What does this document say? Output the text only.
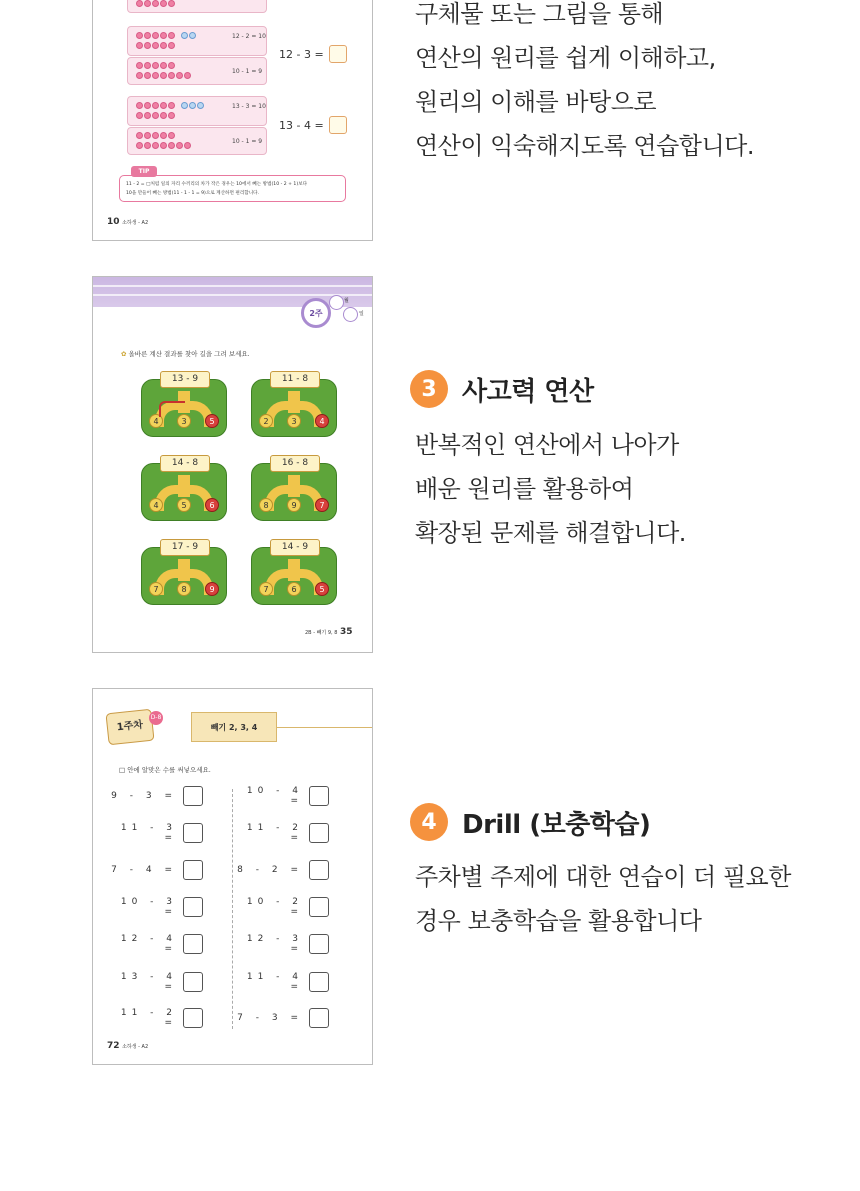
12 - 2 = 10
10 - 1 = 9
12 - 3 =
13 - 3 = 10
10 - 1 = 9
13 - 4 =
11 - 2 = □처럼 일의 자리 수끼리의 차가 작은 경우는 10에서 빼는 방법(10 - 2 + 1)보다
10을 만들어 빼는 방법(11 - 1 - 1 = 9)으로 계산하면 편리합니다.
TIP
10 소하생 - A2
구체물 또는 그림을 통해
연산의 원리를 쉽게 이해하고,
원리의 이해를 바탕으로
연산이 익숙해지도록 연습합니다.
2주
월
일
✿ 올바른 계산 결과를 찾아 길을 그려 보세요.
13 - 9
4	3	5
11 - 8
2	3	4
14 - 8
4	5	6
16 - 8
8	9	7
17 - 9
7	8	9
14 - 9
7	6	5
2B - 빼기 9, 8 35
3 사고력 연산
반복적인 연산에서 나아가
배운 원리를 활용하여
확장된 문제를 해결합니다.
1주차
D-8
빼기 2, 3, 4
□ 안에 알맞은 수를 써넣으세요.
9 - 3 =
11 - 3 =
7 - 4 =
10 - 3 =
12 - 4 =
13 - 4 =
11 - 2 =
10 - 4 =
11 - 2 =
8 - 2 =
10 - 2 =
12 - 3 =
11 - 4 =
7 - 3 =
72 소하생 - A2
4 Drill (보충학습)
주차별 주제에 대한 연습이 더 필요한
경우 보충학습을 활용합니다
